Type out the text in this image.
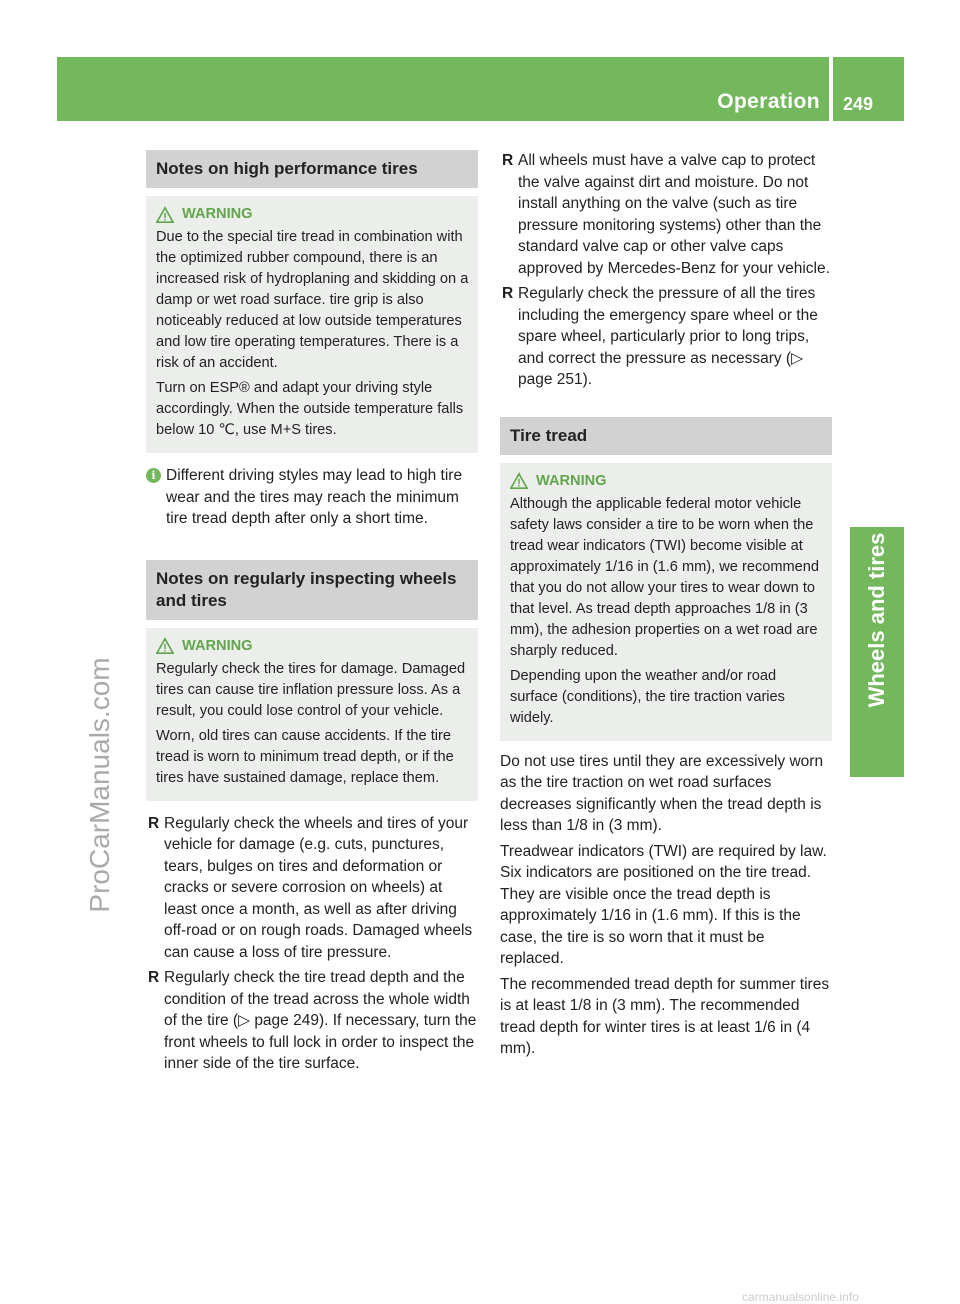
Operation 249
Wheels and tires
ProCarManuals.com
carmanualsonline.info
Notes on high performance tires
WARNING

Due to the special tire tread in combination with the optimized rubber compound, there is an increased risk of hydroplaning and skidding on a damp or wet road surface. tire grip is also noticeably reduced at low outside temperatures and low tire operating temperatures. There is a risk of an accident.

Turn on ESP® and adapt your driving style accordingly. When the outside temperature falls below 10 ℃, use M+S tires.

i Different driving styles may lead to high tire wear and the tires may reach the minimum tire tread depth after only a short time.
Notes on regularly inspecting wheels and tires
WARNING

Regularly check the tires for damage. Damaged tires can cause tire inflation pressure loss. As a result, you could lose control of your vehicle.

Worn, old tires can cause accidents. If the tire tread is worn to minimum tread depth, or if the tires have sustained damage, replace them.

R Regularly check the wheels and tires of your vehicle for damage (e.g. cuts, punctures, tears, bulges on tires and deformation or cracks or severe corrosion on wheels) at least once a month, as well as after driving off-road or on rough roads. Damaged wheels can cause a loss of tire pressure.
R Regularly check the tire tread depth and the condition of the tread across the whole width of the tire (▷ page 249). If necessary, turn the front wheels to full lock in order to inspect the inner side of the tire surface.
R All wheels must have a valve cap to protect the valve against dirt and moisture. Do not install anything on the valve (such as tire pressure monitoring systems) other than the standard valve cap or other valve caps approved by Mercedes-Benz for your vehicle.
R Regularly check the pressure of all the tires including the emergency spare wheel or the spare wheel, particularly prior to long trips, and correct the pressure as necessary (▷ page 251).
Tire tread
WARNING

Although the applicable federal motor vehicle safety laws consider a tire to be worn when the tread wear indicators (TWI) become visible at approximately 1/16 in (1.6 mm), we recommend that you do not allow your tires to wear down to that level. As tread depth approaches 1/8 in (3 mm), the adhesion properties on a wet road are sharply reduced.

Depending upon the weather and/or road surface (conditions), the tire traction varies widely.

Do not use tires until they are excessively worn as the tire traction on wet road surfaces decreases significantly when the tread depth is less than 1/8 in (3 mm).

Treadwear indicators (TWI) are required by law. Six indicators are positioned on the tire tread. They are visible once the tread depth is approximately 1/16 in (1.6 mm). If this is the case, the tire is so worn that it must be replaced.

The recommended tread depth for summer tires is at least 1/8 in (3 mm). The recommended tread depth for winter tires is at least 1/6 in (4 mm).
